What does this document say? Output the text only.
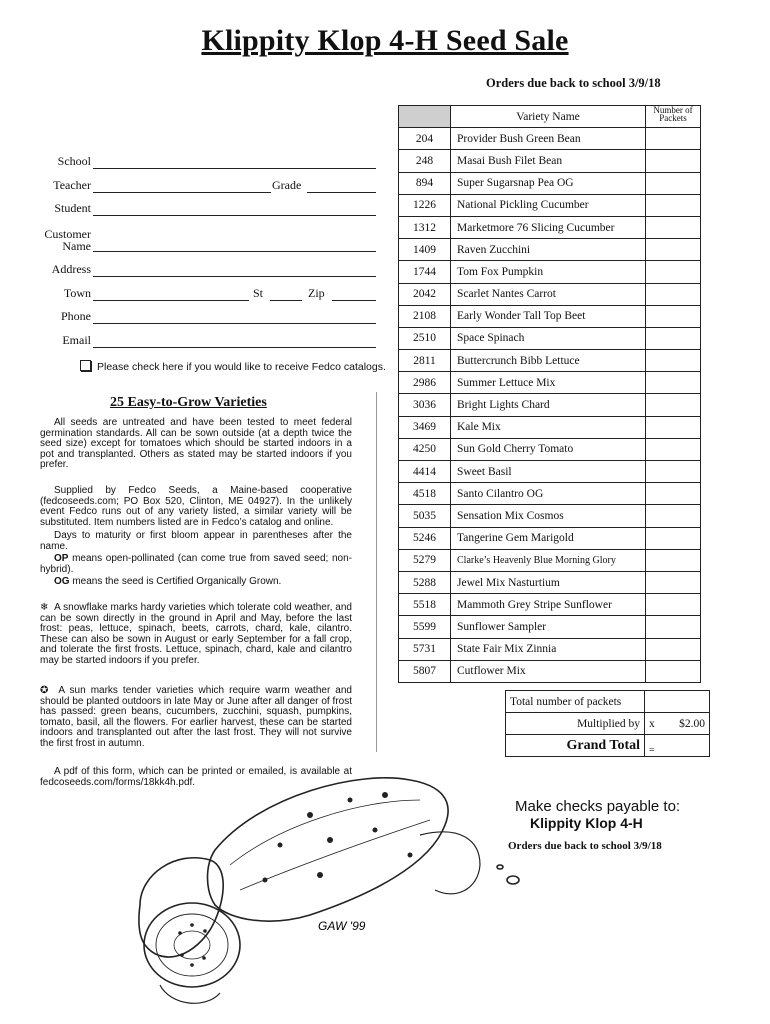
Klippity Klop 4-H Seed Sale
Orders due back to school 3/9/18
School
Teacher	Grade
Student
Customer
Name
Address
Town	St	Zip
Phone
Email
Please check here if you would like to receive Fedco catalogs.
25 Easy-to-Grow Varieties
All seeds are untreated and have been tested to meet federal germination standards. All can be sown outside (at a depth twice the seed size) except for tomatoes which should be started indoors in a pot and transplanted. Others as stated may be started indoors if you prefer.
Supplied by Fedco Seeds, a Maine-based cooperative (fedcoseeds.com; PO Box 520, Clinton, ME 04927). In the unlikely event Fedco runs out of any variety listed, a similar variety will be substituted. Item numbers listed are in Fedco’s catalog and online.
Days to maturity or first bloom appear in parentheses after the name.
OP means open-pollinated (can come true from saved seed; non-hybrid).
OG means the seed is Certified Organically Grown.
❄ A snowflake marks hardy varieties which tolerate cold weather, and can be sown directly in the ground in April and May, before the last frost: peas, lettuce, spinach, beets, carrots, chard, kale, cilantro. These can also be sown in August or early September for a fall crop, and tolerate the first frosts. Lettuce, spinach, chard, kale and cilantro may be started indoors if you prefer.
✪ A sun marks tender varieties which require warm weather and should be planted outdoors in late May or June after all danger of frost has passed: green beans, cucumbers, zucchini, squash, pumpkins, tomato, basil, all the flowers. For earlier harvest, these can be started indoors and transplanted out after the last frost. They will not survive the first frost in autumn.
A pdf of this form, which can be printed or emailed, is available at fedcoseeds.com/forms/18kk4h.pdf.
	Variety Name	Number of Packets
204	Provider Bush Green Bean	
248	Masai Bush Filet Bean	
894	Super Sugarsnap Pea OG	
1226	National Pickling Cucumber	
1312	Marketmore 76 Slicing Cucumber	
1409	Raven Zucchini	
1744	Tom Fox Pumpkin	
2042	Scarlet Nantes Carrot	
2108	Early Wonder Tall Top Beet	
2510	Space Spinach	
2811	Buttercrunch Bibb Lettuce	
2986	Summer Lettuce Mix	
3036	Bright Lights Chard	
3469	Kale Mix	
4250	Sun Gold Cherry Tomato	
4414	Sweet Basil	
4518	Santo Cilantro OG	
5035	Sensation Mix Cosmos	
5246	Tangerine Gem Marigold	
5279	Clarke’s Heavenly Blue Morning Glory	
5288	Jewel Mix Nasturtium	
5518	Mammoth Grey Stripe Sunflower	
5599	Sunflower Sampler	
5731	State Fair Mix Zinnia	
5807	Cutflower Mix	
Total number of packets		
Multiplied by	x	$2.00
Grand Total	=	
Make checks payable to:
Klippity Klop 4-H
Orders due back to school 3/9/18
GAW '99
